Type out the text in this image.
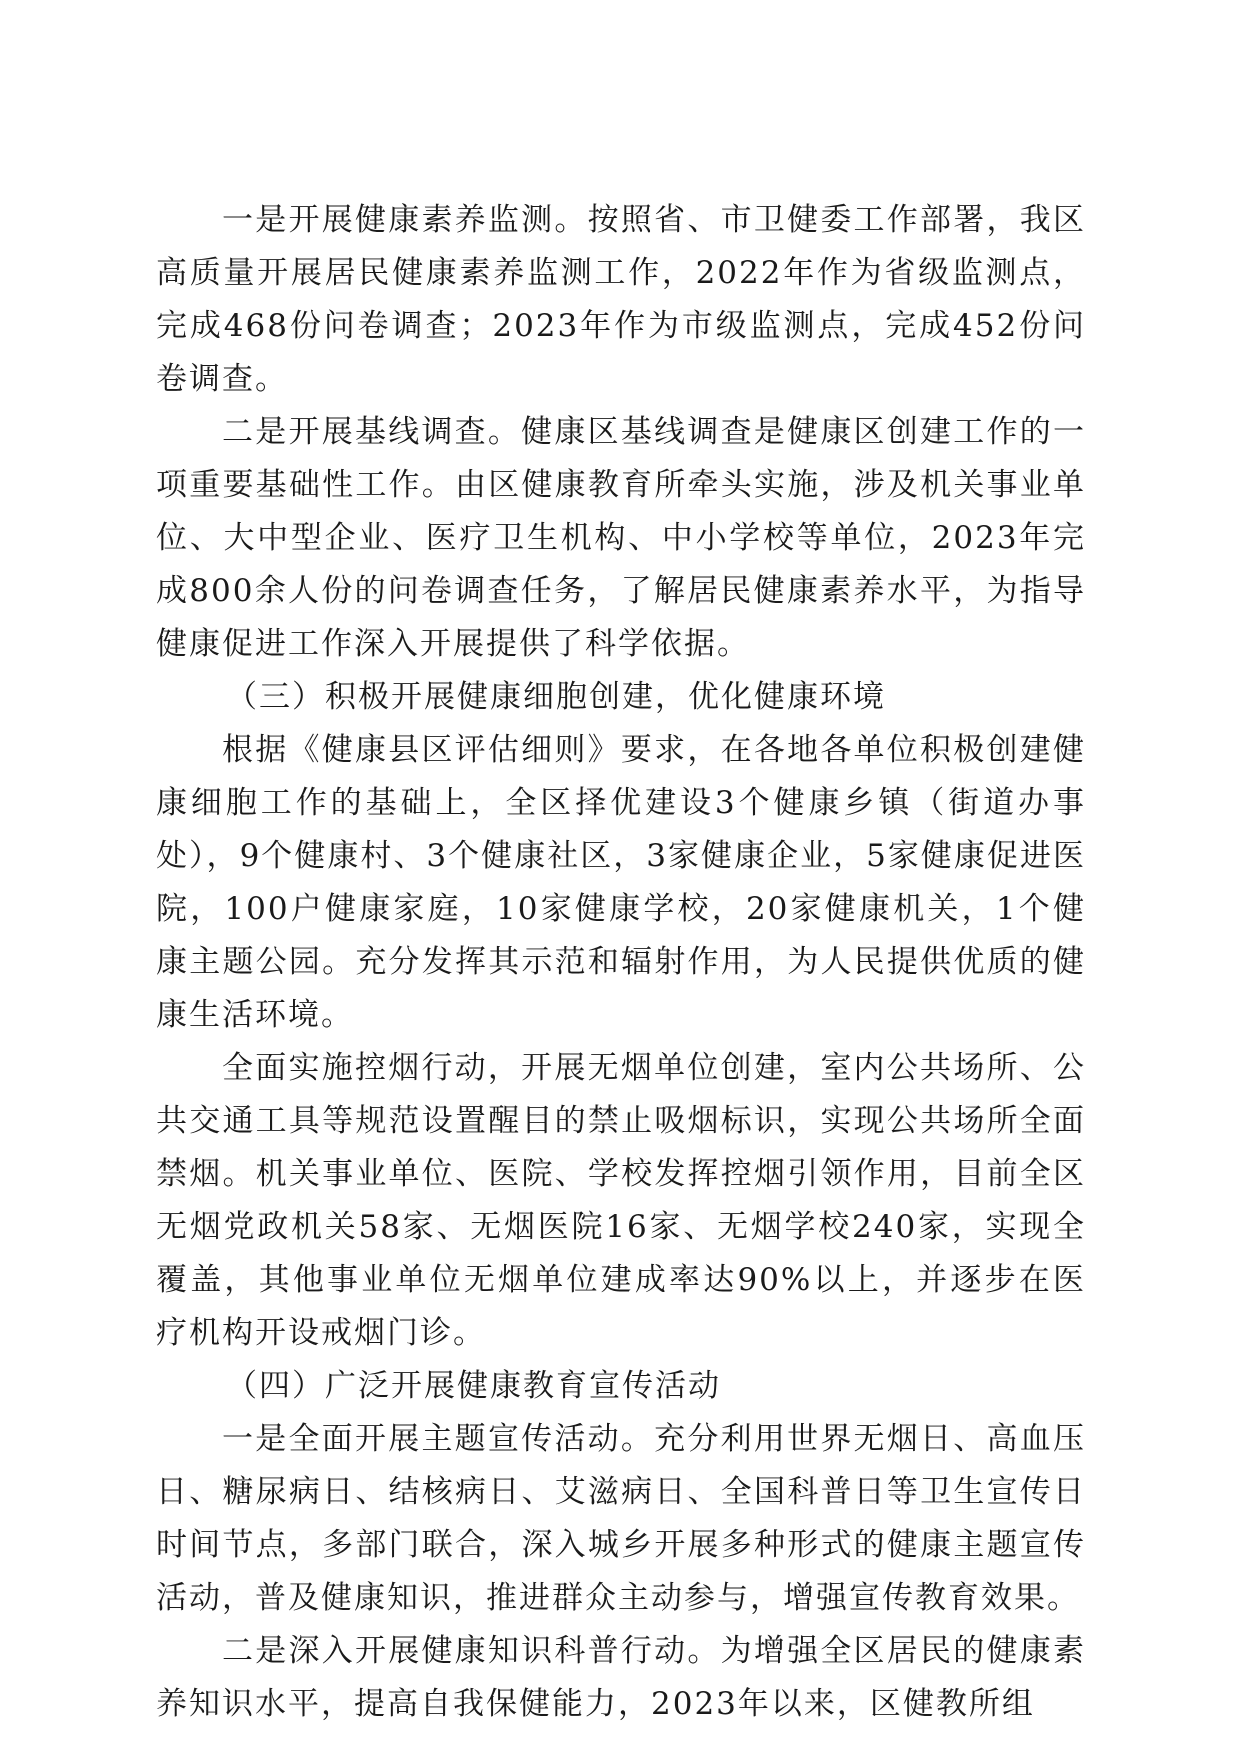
一是开展健康素养监测。按照省、市卫健委工作部署，我区高质量开展居民健康素养监测工作，2022年作为省级监测点，完成468份问卷调查；2023年作为市级监测点，完成452份问卷调查。

二是开展基线调查。健康区基线调查是健康区创建工作的一项重要基础性工作。由区健康教育所牵头实施，涉及机关事业单位、大中型企业、医疗卫生机构、中小学校等单位，2023年完成800余人份的问卷调查任务，了解居民健康素养水平，为指导健康促进工作深入开展提供了科学依据。

（三）积极开展健康细胞创建，优化健康环境

根据《健康县区评估细则》要求，在各地各单位积极创建健康细胞工作的基础上，全区择优建设3个健康乡镇（街道办事处），9个健康村、3个健康社区，3家健康企业，5家健康促进医院，100户健康家庭，10家健康学校，20家健康机关，1个健康主题公园。充分发挥其示范和辐射作用，为人民提供优质的健康生活环境。

全面实施控烟行动，开展无烟单位创建，室内公共场所、公共交通工具等规范设置醒目的禁止吸烟标识，实现公共场所全面禁烟。机关事业单位、医院、学校发挥控烟引领作用，目前全区无烟党政机关58家、无烟医院16家、无烟学校240家，实现全覆盖，其他事业单位无烟单位建成率达90%以上，并逐步在医疗机构开设戒烟门诊。

（四）广泛开展健康教育宣传活动

一是全面开展主题宣传活动。充分利用世界无烟日、高血压日、糖尿病日、结核病日、艾滋病日、全国科普日等卫生宣传日时间节点，多部门联合，深入城乡开展多种形式的健康主题宣传活动，普及健康知识，推进群众主动参与，增强宣传教育效果。

二是深入开展健康知识科普行动。为增强全区居民的健康素养知识水平，提高自我保健能力，2023年以来，区健教所组
